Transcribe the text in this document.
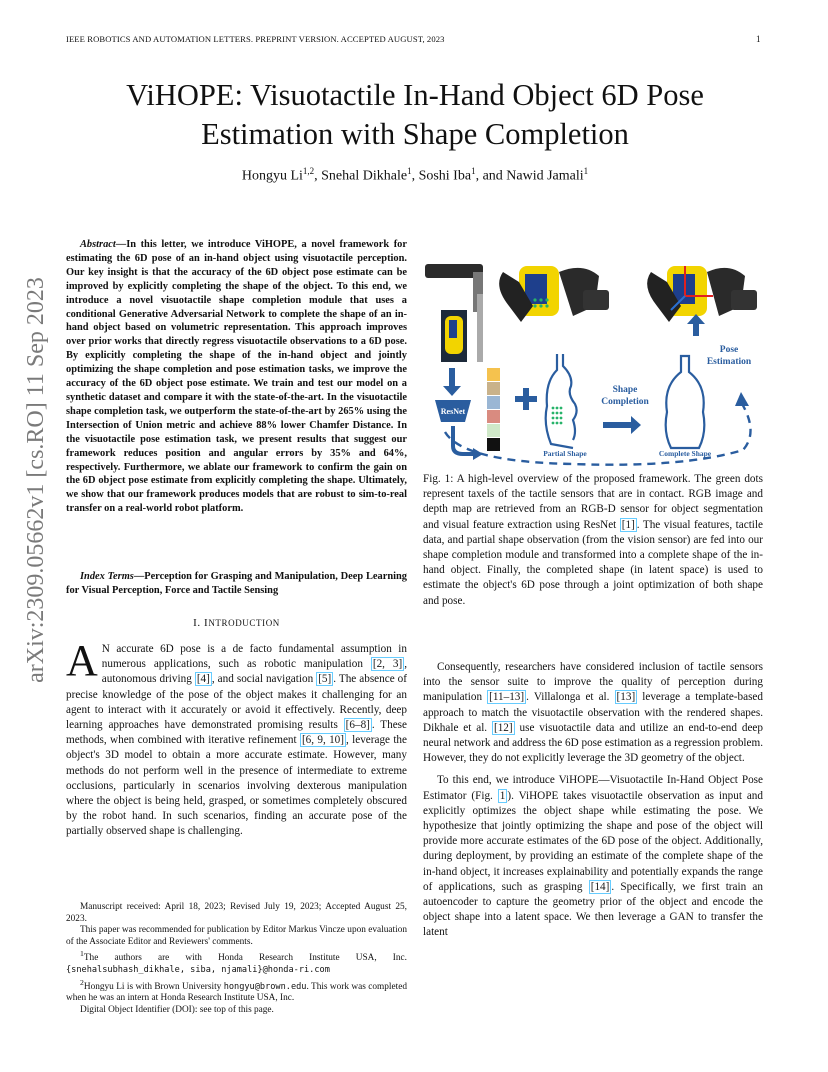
IEEE ROBOTICS AND AUTOMATION LETTERS. PREPRINT VERSION. ACCEPTED AUGUST, 2023	1
arXiv:2309.05662v1 [cs.RO] 11 Sep 2023
ViHOPE: Visuotactile In-Hand Object 6D Pose
Estimation with Shape Completion
Hongyu Li$^{1,2}$, Snehal Dikhale$^1$, Soshi Iba$^1$, and Nawid Jamali$^1$
Abstract—In this letter, we introduce ViHOPE, a novel framework for estimating the 6D pose of an in-hand object using visuotactile perception. Our key insight is that the accuracy of the 6D object pose estimate can be improved by explicitly completing the shape of the object. To this end, we introduce a novel visuotactile shape completion module that uses a conditional Generative Adversarial Network to complete the shape of an in-hand object based on volumetric representation. This approach improves over prior works that directly regress visuotactile observations to a 6D pose. By explicitly completing the shape of the in-hand object and jointly optimizing the shape completion and pose estimation tasks, we improve the accuracy of the 6D object pose estimate. We train and test our model on a synthetic dataset and compare it with the state-of-the-art. In the visuotactile shape completion task, we outperform the state-of-the-art by 265% using the Intersection of Union metric and achieve 88% lower Chamfer Distance. In the visuotactile pose estimation task, we present results that suggest our framework reduces position and angular errors by 35% and 64%, respectively. Furthermore, we ablate our framework to confirm the gain on the 6D object pose estimate from explicitly completing the shape. Ultimately, we show that our framework produces models that are robust to sim-to-real transfer on a real-world robot platform.
Index Terms—Perception for Grasping and Manipulation, Deep Learning for Visual Perception, Force and Tactile Sensing
I. INTRODUCTION
A N accurate 6D pose is a de facto fundamental assumption in numerous applications, such as robotic manipulation [2, 3] , autonomous driving [4] , and social navigation [5] . The absence of precise knowledge of the pose of the object makes it challenging for an agent to interact with it accurately or avoid it effectively. Recently, deep learning approaches have demonstrated promising results [6–8] . These methods, when combined with iterative refinement [6, 9, 10] , leverage the object's 3D model to obtain a more accurate estimate. However, many methods do not perform well in the presence of intermediate to extreme occlusions, particularly in scenarios involving dexterous manipulation where the object is being held, grasped, or sometimes completely obscured by the robot hand. In such scenarios, finding an accurate pose of the partially observed shape is challenging.

Manuscript received: April 18, 2023; Revised July 19, 2023; Accepted August 25, 2023.

This paper was recommended for publication by Editor Markus Vincze upon evaluation of the Associate Editor and Reviewers' comments.

$^1$The authors are with Honda Research Institute USA, Inc. {snehalsubhash_dikhale, siba, njamali}@honda-ri.com

$^2$Hongyu Li is with Brown University hongyu@brown.edu. This work was completed when he was an intern at Honda Research Institute USA, Inc.

Digital Object Identifier (DOI): see top of this page.

ResNet
Partial Shape
Shape
Completion
Complete Shape
Pose
Estimation
Fig. 1: A high-level overview of the proposed framework. The green dots represent taxels of the tactile sensors that are in contact. RGB image and depth map are retrieved from an RGB-D sensor for object segmentation and visual feature extraction using ResNet [1] . The visual features, tactile data, and partial shape observation (from the vision sensor) are fed into our shape completion module and transformed into a complete shape of the in-hand object. Finally, the completed shape (in latent space) is used to estimate the object's 6D pose through a joint optimization of both shape and pose.

Consequently, researchers have considered inclusion of tactile sensors into the sensor suite to improve the quality of perception during manipulation [11–13] . Villalonga et al. [13] leverage a template-based approach to match the visuotactile observation with the rendered shapes. Dikhale et al. [12] use visuotactile data and utilize an end-to-end deep neural network and address the 6D pose estimation as a regression problem. However, they do not explicitly leverage the 3D geometry of the object.

To this end, we introduce ViHOPE—Visuotactile In-Hand Object Pose Estimator (Fig. 1 ). ViHOPE takes visuotactile observation as input and explicitly optimizes the object shape while estimating the pose. We hypothesize that jointly optimizing the shape and pose of the object will provide more accurate estimates of the 6D pose of the object. Additionally, during deployment, by providing an estimate of the complete shape of the in-hand object, it increases explainability and potentially expands the range of applications, such as grasping [14] . Specifically, we first train an autoencoder to capture the geometry prior of the object and encode the object shape into a latent space. We then leverage a GAN to transfer the latent
